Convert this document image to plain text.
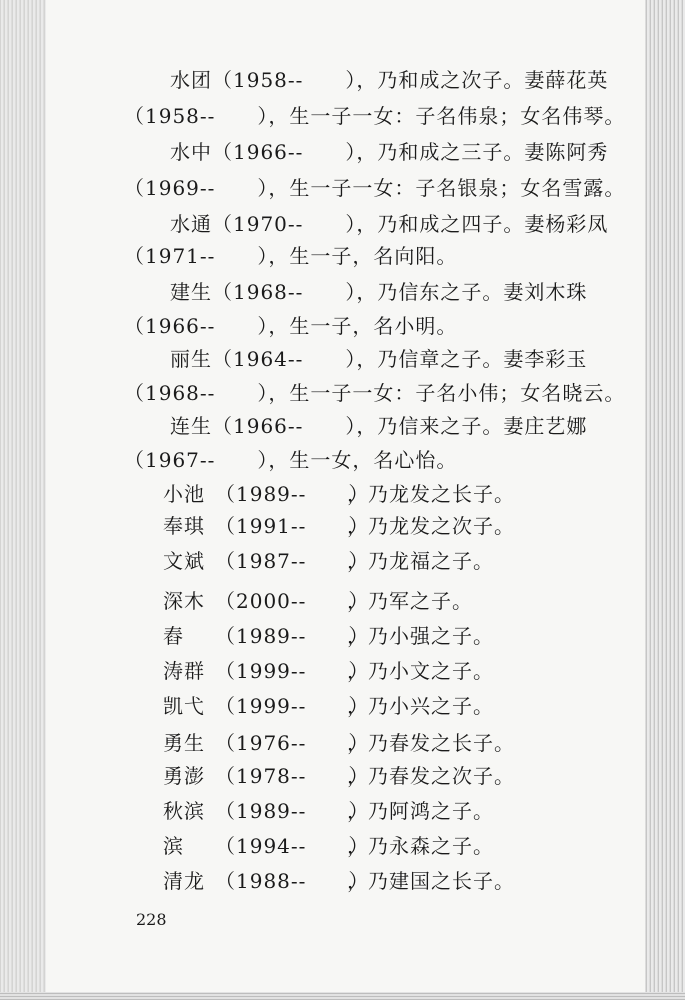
水团（1958--　　），乃和成之次子。妻薛花英
（1958--　　），生一子一女：子名伟泉；女名伟琴。
水中（1966--　　），乃和成之三子。妻陈阿秀
（1969--　　），生一子一女：子名银泉；女名雪露。
水通（1970--　　），乃和成之四子。妻杨彩凤
（1971--　　），生一子，名向阳。
建生（1968--　　），乃信东之子。妻刘木珠
（1966--　　），生一子，名小明。
丽生（1964--　　），乃信章之子。妻李彩玉
（1968--　　），生一子一女：子名小伟；女名晓云。
连生（1966--　　），乃信来之子。妻庄艺娜
（1967--　　），生一女，名心怡。
小池 （1989--　　），乃龙发之长子。
奉琪 （1991--　　），乃龙发之次子。
文斌 （1987--　　），乃龙福之子。
深木 （2000--　　），乃军之子。
舂 （1989--　　），乃小强之子。
涛群 （1999--　　），乃小文之子。
凯弋 （1999--　　），乃小兴之子。
勇生 （1976--　　），乃春发之长子。
勇澎 （1978--　　），乃春发之次子。
秋滨 （1989--　　），乃阿鸿之子。
滨 （1994--　　），乃永森之子。
清龙 （1988--　　），乃建国之长子。
228
